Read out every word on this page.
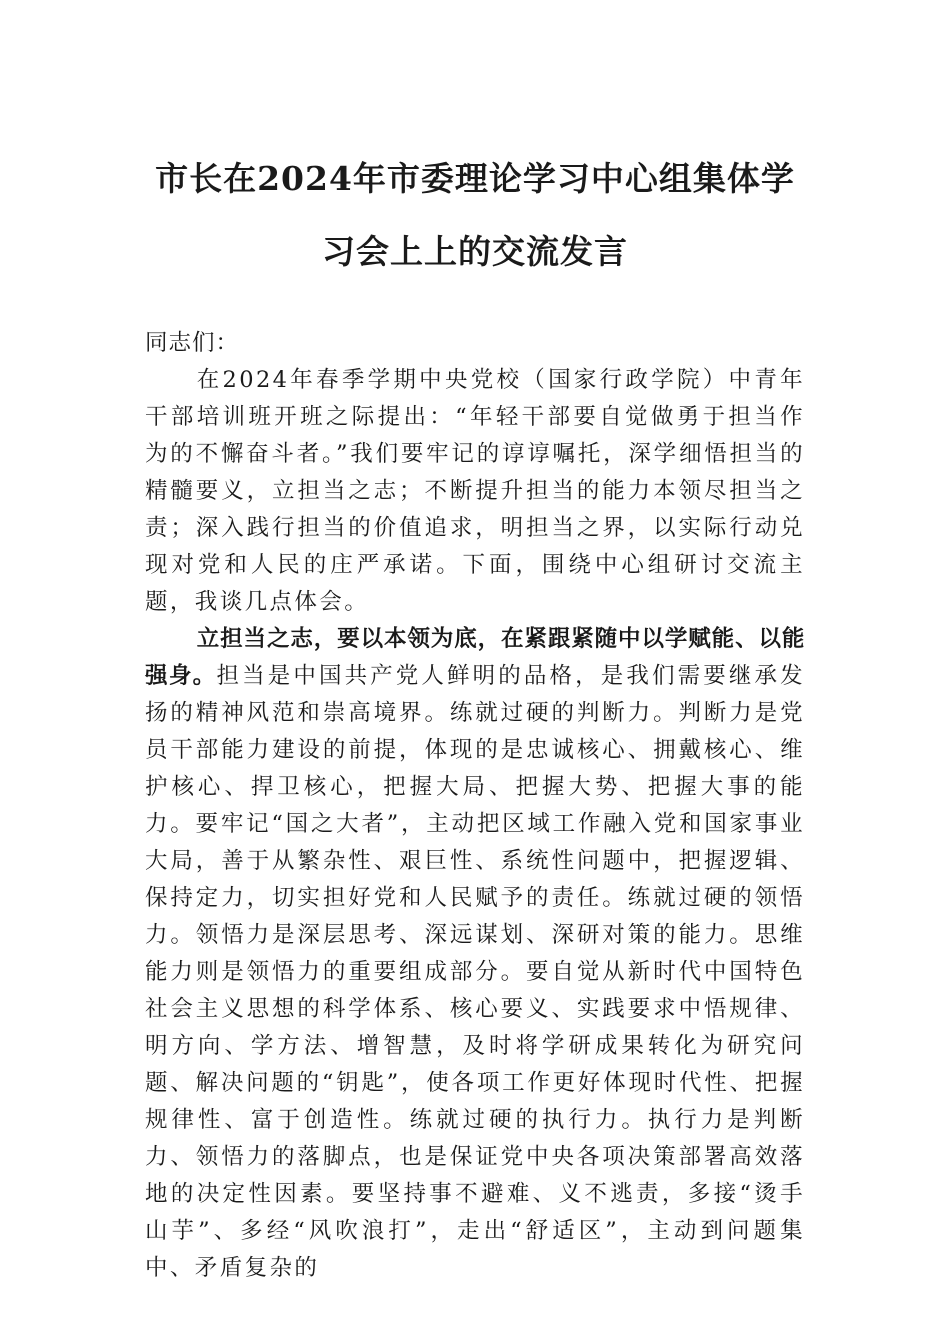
市长在2024年市委理论学习中心组集体学

习会上上的交流发言

同志们：

在2024年春季学期中央党校（国家行政学院）中青年干部培训班开班之际提出：“年轻干部要自觉做勇于担当作为的不懈奋斗者。”我们要牢记的谆谆嘱托，深学细悟担当的精髓要义，立担当之志；不断提升担当的能力本领尽担当之责；深入践行担当的价值追求，明担当之界，以实际行动兑现对党和人民的庄严承诺。下面，围绕中心组研讨交流主题，我谈几点体会。

立担当之志，要以本领为底，在紧跟紧随中以学赋能、以能强身。担当是中国共产党人鲜明的品格，是我们需要继承发扬的精神风范和崇高境界。练就过硬的判断力。判断力是党员干部能力建设的前提，体现的是忠诚核心、拥戴核心、维护核心、捍卫核心，把握大局、把握大势、把握大事的能力。要牢记“国之大者”，主动把区域工作融入党和国家事业大局，善于从繁杂性、艰巨性、系统性问题中，把握逻辑、保持定力，切实担好党和人民赋予的责任。练就过硬的领悟力。领悟力是深层思考、深远谋划、深研对策的能力。思维能力则是领悟力的重要组成部分。要自觉从新时代中国特色社会主义思想的科学体系、核心要义、实践要求中悟规律、明方向、学方法、增智慧，及时将学研成果转化为研究问题、解决问题的“钥匙”，使各项工作更好体现时代性、把握规律性、富于创造性。练就过硬的执行力。执行力是判断力、领悟力的落脚点，也是保证党中央各项决策部署高效落地的决定性因素。要坚持事不避难、义不逃责，多接“烫手山芋”、多经“风吹浪打”，走出“舒适区”，主动到问题集中、矛盾复杂的
